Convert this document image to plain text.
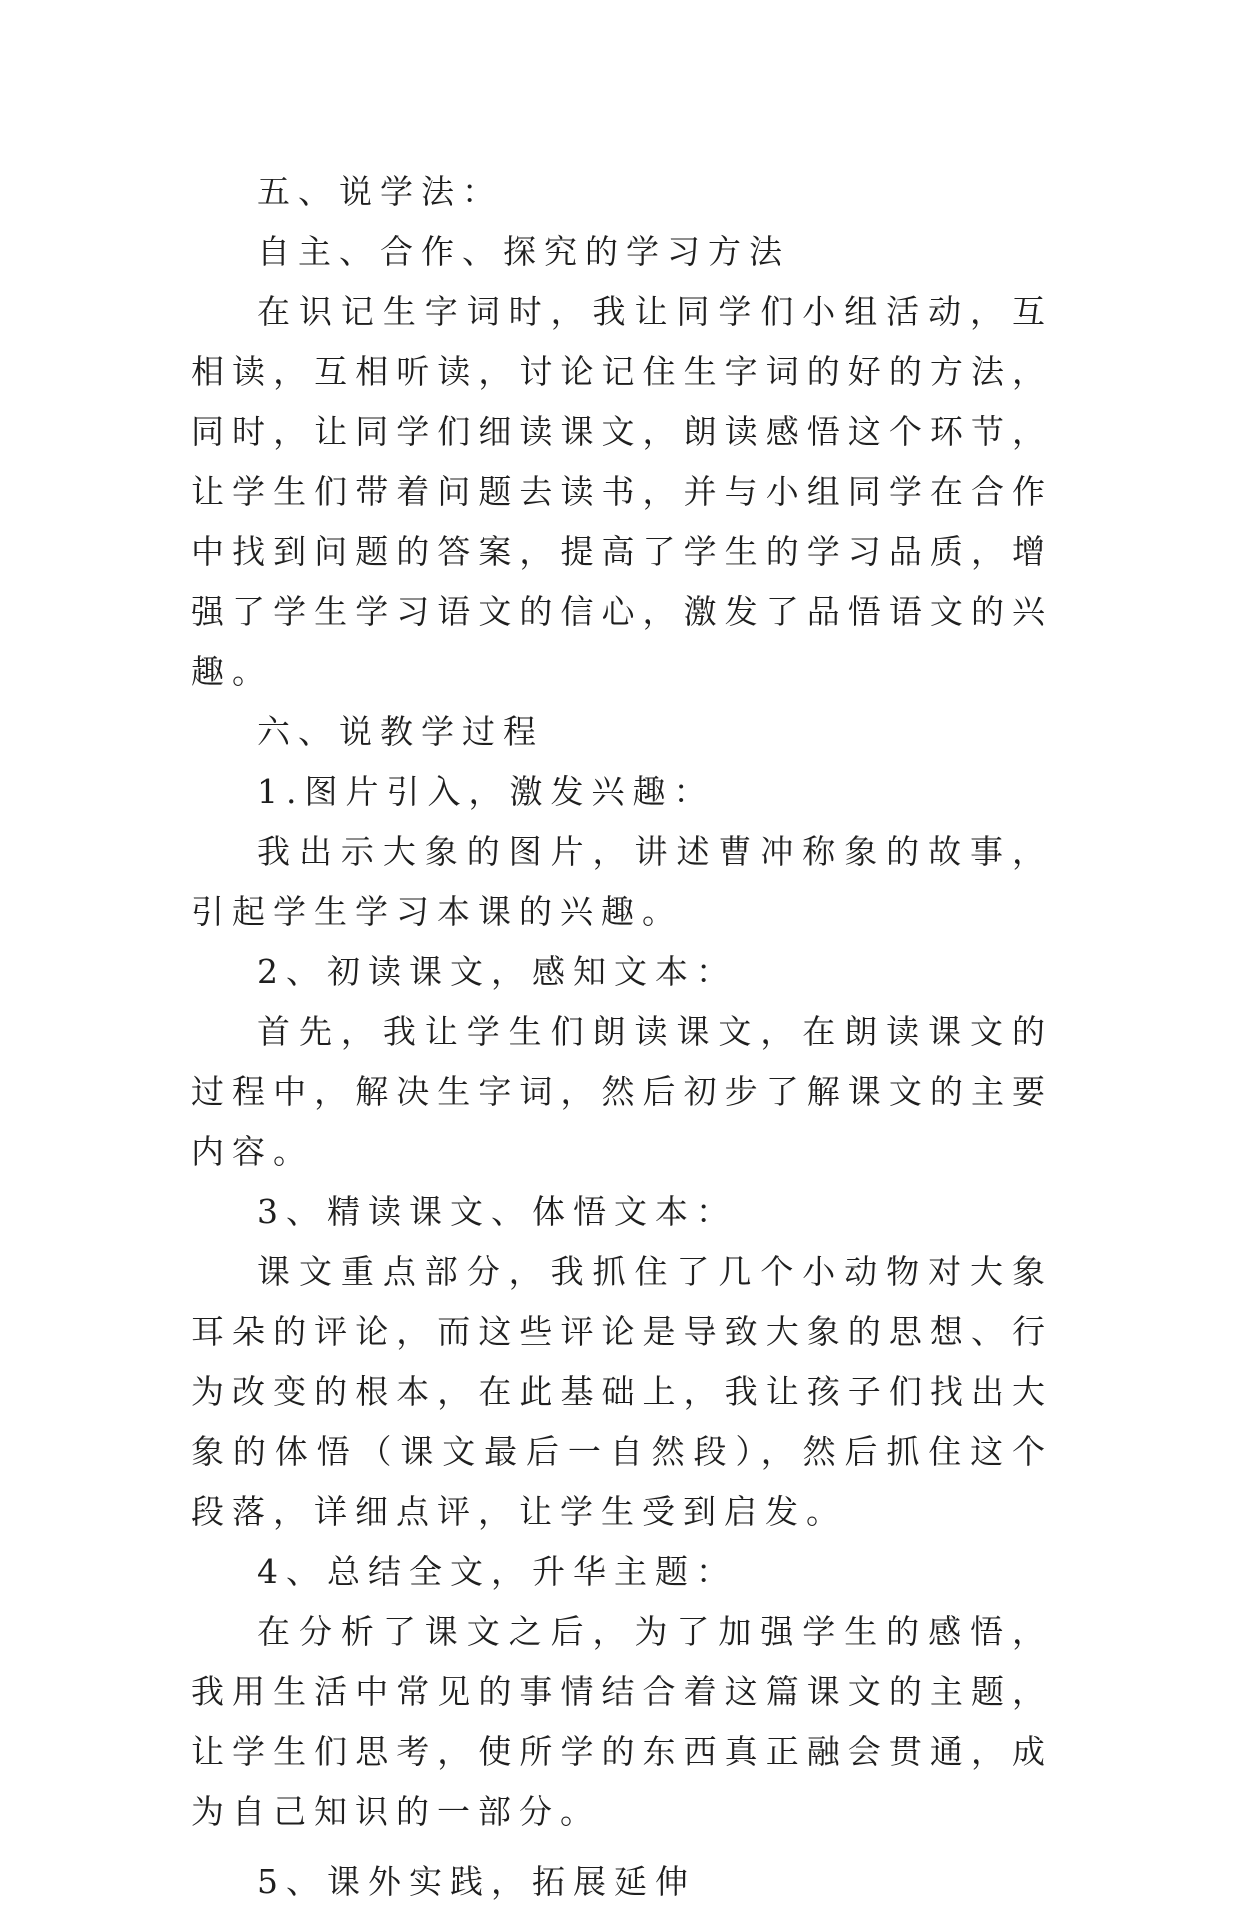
五、说学法：

自主、合作、探究的学习方法

在识记生字词时，我让同学们小组活动，互相读，互相听读，讨论记住生字词的好的方法，同时，让同学们细读课文，朗读感悟这个环节，让学生们带着问题去读书，并与小组同学在合作中找到问题的答案，提高了学生的学习品质，增强了学生学习语文的信心，激发了品悟语文的兴趣。

六、说教学过程

1.图片引入，激发兴趣：

我出示大象的图片，讲述曹冲称象的故事，引起学生学习本课的兴趣。

2、初读课文，感知文本：

首先，我让学生们朗读课文，在朗读课文的过程中，解决生字词，然后初步了解课文的主要内容。

3、精读课文、体悟文本：

课文重点部分，我抓住了几个小动物对大象耳朵的评论，而这些评论是导致大象的思想、行为改变的根本，在此基础上，我让孩子们找出大象的体悟（课文最后一自然段），然后抓住这个段落，详细点评，让学生受到启发。

4、总结全文，升华主题：

在分析了课文之后，为了加强学生的感悟，我用生活中常见的事情结合着这篇课文的主题，让学生们思考，使所学的东西真正融会贯通，成为自己知识的一部分。

5、课外实践，拓展延伸
